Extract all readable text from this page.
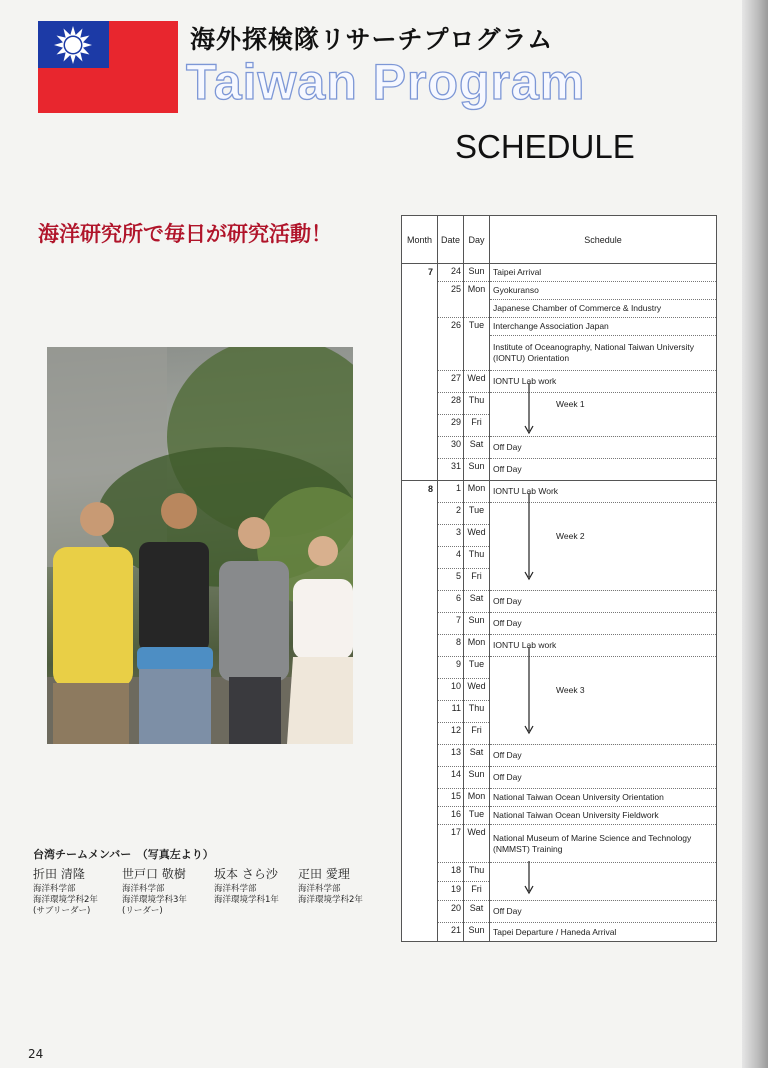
海外探検隊リサーチプログラム
Taiwan Program
SCHEDULE
海洋研究所で毎日が研究活動！
台湾チームメンバー　（写真左より）
折田 清隆
海洋科学部
海洋環境学科2年
(サブリーダー)
世戸口 敬樹
海洋科学部
海洋環境学科3年
(リーダー)
坂本 さら沙
海洋科学部
海洋環境学科1年
疋田 愛理
海洋科学部
海洋環境学科2年
24
Month	Date	Day	Schedule
7	24	Sun	Taipei Arrival
	25	Mon	Gyokuranso
			Japanese Chamber of Commerce & Industry
	26	Tue	Interchange Association Japan
			Institute of Oceanography, National Taiwan University (IONTU) Orientation
	27	Wed	IONTU Lab work
	28	Thu	Week 1

	29	Fri	
	30	Sat	Off Day
	31	Sun	Off Day
8	1	Mon	IONTU Lab Work
	2	Tue	Week 2

	3	Wed	
	4	Thu	
	5	Fri	
	6	Sat	Off Day
	7	Sun	Off Day
	8	Mon	IONTU Lab work
	9	Tue	Week 3

	10	Wed	
	11	Thu	
	12	Fri	
	13	Sat	Off Day
	14	Sun	Off Day
	15	Mon	National Taiwan Ocean University Orientation
	16	Tue	National Taiwan Ocean University Fieldwork
	17	Wed	National Museum of Marine Science and Technology (NMMST) Training
	18	Thu	

	19	Fri	
	20	Sat	Off Day
	21	Sun	Tapei Departure / Haneda Arrival
